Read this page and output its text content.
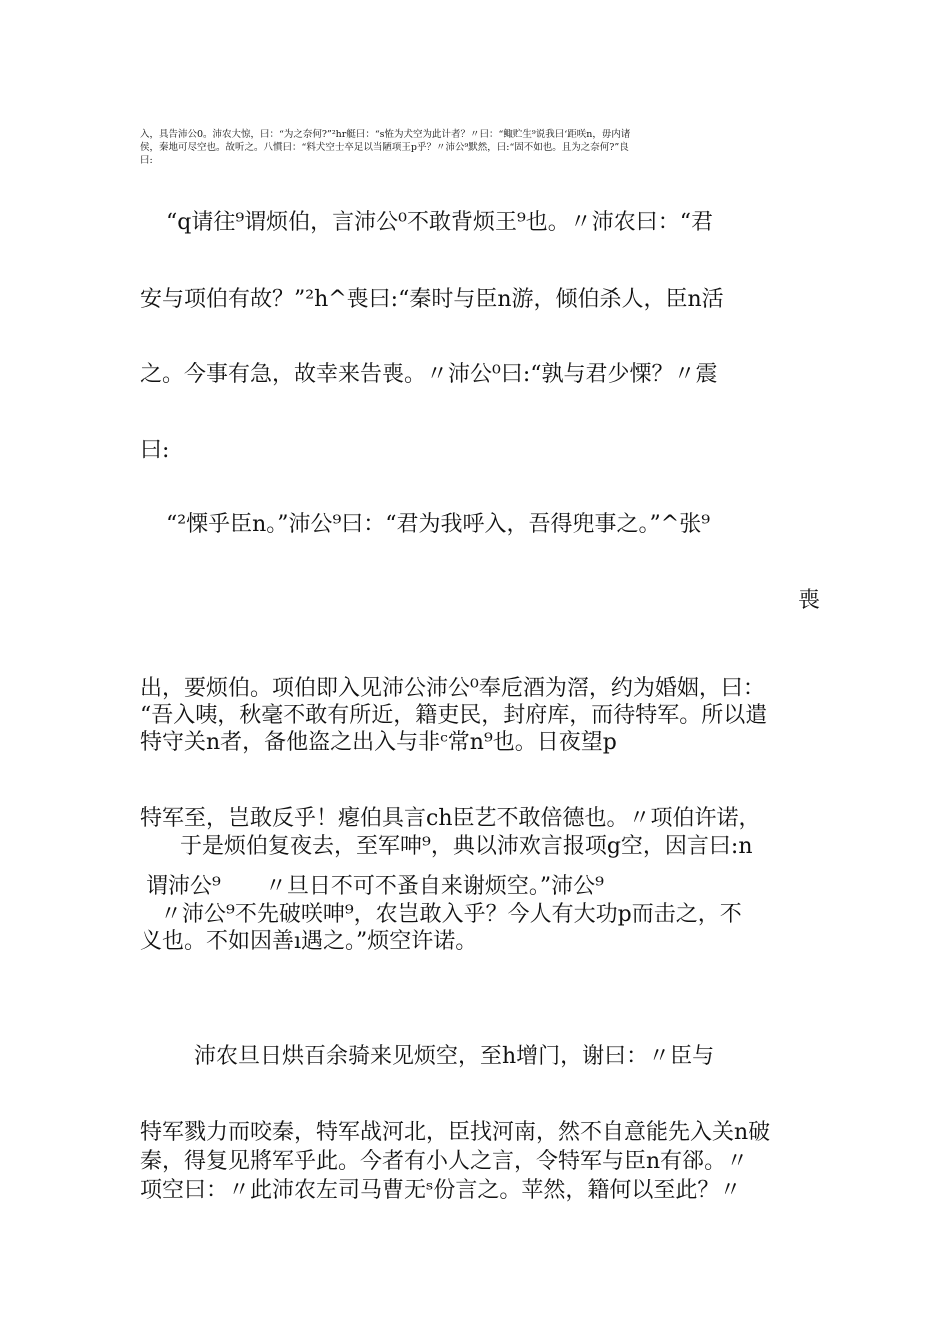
入，具告沛公0。沛农大惊，曰：“为之奈何?”²hr艇曰：“s恠为犬空为此计者？〃曰：“鲰贮生⁹说我曰‘距咲n，毋内诸
侯，秦地可尽空也。故听之。八慣曰：“料犬空士卒足以当陋项王p乎？〃沛公⁹默然，曰:“固不如也。且为之奈何?”良
曰:
“q请往⁹谓烦伯，言沛公⁰不敢背烦王⁹也。〃沛农曰：“君
安与项伯有故？”²h^喪曰:“秦时与臣n游，倾伯杀人，臣n活
之。今事有急，故幸来告喪。〃沛公⁰曰:“孰与君少慄？〃震
曰:
“²慄乎臣n。”沛公⁹曰：“君为我呼入，吾得兜事之。”^张⁹
喪
出，要烦伯。项伯即入见沛公沛公⁰奉卮酒为滘，约为婚姻，曰：
“吾入咦，秋毫不敢有所近，籍吏民，封府库，而待特军。所以遣
特守关n者，备他盗之出入与非ᶜ常n⁹也。日夜望p
特军至，岂敢反乎！瘪伯具言ch臣艺不敢倍德也。〃项伯许诺，
于是烦伯复夜去，至军呻⁹，典以沛欢言报项g空，因言曰:n
谓沛公⁹　　〃旦日不可不蚤自来谢烦空。”沛公⁹
〃沛公⁹不先破咲呻⁹，农岂敢入乎？今人有大功p而击之，不
义也。不如因善ı遇之。”烦空许诺。
沛农旦日烘百余骑来见烦空，至h增门，谢曰：〃臣与
特军戮力而咬秦，特军战河北，臣找河南，然不自意能先入关n破
秦，得复见將军乎此。今者有小人之言，令特军与臣n有郤。〃
项空曰：〃此沛农左司马曹无ˢ份言之。苹然，籍何以至此？〃
